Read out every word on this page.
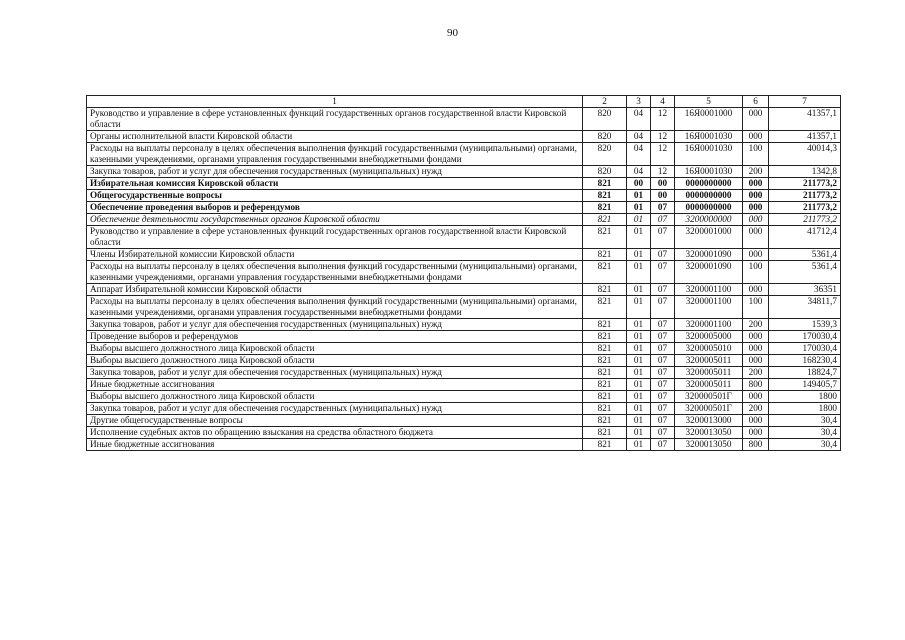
90
1	2	3	4	5	6	7
Руководство и управление в сфере установленных функций государственных органов государственной власти Кировской области	820	04	12	16Я0001000	000	41357,1
Органы исполнительной власти Кировской области	820	04	12	16Я0001030	000	41357,1
Расходы на выплаты персоналу в целях обеспечения выполнения функций государственными (муниципальными) органами, казенными учреждениями, органами управления государственными внебюджетными фондами	820	04	12	16Я0001030	100	40014,3
Закупка товаров, работ и услуг для обеспечения государственных (муниципальных) нужд	820	04	12	16Я0001030	200	1342,8
Избирательная комиссия Кировской области	821	00	00	0000000000	000	211773,2
Общегосударственные вопросы	821	01	00	0000000000	000	211773,2
Обеспечение проведения выборов и референдумов	821	01	07	0000000000	000	211773,2
Обеспечение деятельности государственных органов Кировской области	821	01	07	3200000000	000	211773,2
Руководство и управление в сфере установленных функций государственных органов государственной власти Кировской области	821	01	07	3200001000	000	41712,4
Члены Избирательной комиссии Кировской области	821	01	07	3200001090	000	5361,4
Расходы на выплаты персоналу в целях обеспечения выполнения функций государственными (муниципальными) органами, казенными учреждениями, органами управления государственными внебюджетными фондами	821	01	07	3200001090	100	5361,4
Аппарат Избирательной комиссии Кировской области	821	01	07	3200001100	000	36351
Расходы на выплаты персоналу в целях обеспечения выполнения функций государственными (муниципальными) органами, казенными учреждениями, органами управления государственными внебюджетными фондами	821	01	07	3200001100	100	34811,7
Закупка товаров, работ и услуг для обеспечения государственных (муниципальных) нужд	821	01	07	3200001100	200	1539,3
Проведение выборов и референдумов	821	01	07	3200005000	000	170030,4
Выборы высшего должностного лица Кировской области	821	01	07	3200005010	000	170030,4
Выборы высшего должностного лица Кировской области	821	01	07	3200005011	000	168230,4
Закупка товаров, работ и услуг для обеспечения государственных (муниципальных) нужд	821	01	07	3200005011	200	18824,7
Иные бюджетные ассигнования	821	01	07	3200005011	800	149405,7
Выборы высшего должностного лица Кировской области	821	01	07	320000501Г	000	1800
Закупка товаров, работ и услуг для обеспечения государственных (муниципальных) нужд	821	01	07	320000501Г	200	1800
Другие общегосударственные вопросы	821	01	07	3200013000	000	30,4
Исполнение судебных актов по обращению взыскания на средства областного бюджета	821	01	07	3200013050	000	30,4
Иные бюджетные ассигнования	821	01	07	3200013050	800	30,4
